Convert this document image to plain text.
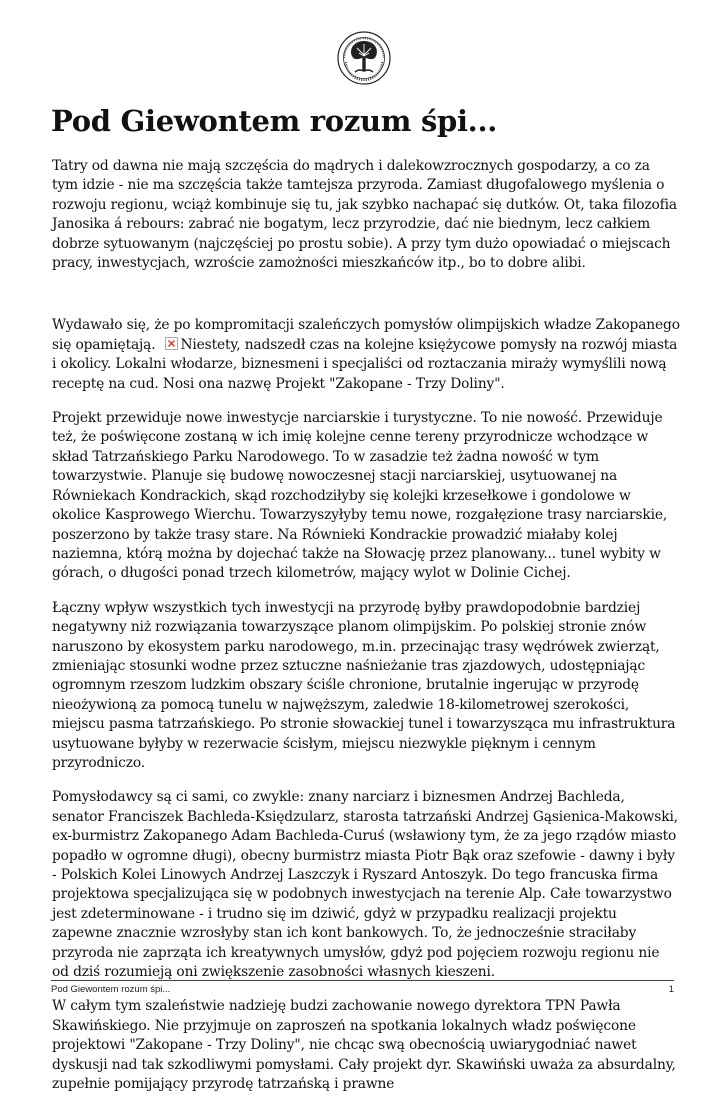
Pod Giewontem rozum śpi...

Tatry od dawna nie mają szczęścia do mądrych i dalekowzrocznych gospodarzy, a co za tym idzie - nie ma szczęścia także tamtejsza przyroda. Zamiast długofalowego myślenia o rozwoju regionu, wciąż kombinuje się tu, jak szybko nachapać się dutków. Ot, taka filozofia Janosika á rebours: zabrać nie bogatym, lecz przyrodzie, dać nie biednym, lecz całkiem dobrze sytuowanym (najczęściej po prostu sobie). A przy tym dużo opowiadać o miejscach pracy, inwestycjach, wzroście zamożności mieszkańców itp., bo to dobre alibi.

Wydawało się, że po kompromitacji szaleńczych pomysłów olimpijskich władze Zakopanego się opamiętają. Niestety, nadszedł czas na kolejne księżycowe pomysły na rozwój miasta i okolicy. Lokalni włodarze, biznesmeni i specjaliści od roztaczania miraży wymyślili nową receptę na cud. Nosi ona nazwę Projekt "Zakopane - Trzy Doliny".

Projekt przewiduje nowe inwestycje narciarskie i turystyczne. To nie nowość. Przewiduje też, że poświęcone zostaną w ich imię kolejne cenne tereny przyrodnicze wchodzące w skład Tatrzańskiego Parku Narodowego. To w zasadzie też żadna nowość w tym towarzystwie. Planuje się budowę nowoczesnej stacji narciarskiej, usytuowanej na Równiekach Kondrackich, skąd rozchodziłyby się kolejki krzesełkowe i gondolowe w okolice Kasprowego Wierchu. Towarzyszyłyby temu nowe, rozgałęzione trasy narciarskie, poszerzono by także trasy stare. Na Równieki Kondrackie prowadzić miałaby kolej naziemna, którą można by dojechać także na Słowację przez planowany... tunel wybity w górach, o długości ponad trzech kilometrów, mający wylot w Dolinie Cichej.

Łączny wpływ wszystkich tych inwestycji na przyrodę byłby prawdopodobnie bardziej negatywny niż rozwiązania towarzyszące planom olimpijskim. Po polskiej stronie znów naruszono by ekosystem parku narodowego, m.in. przecinając trasy wędrówek zwierząt, zmieniając stosunki wodne przez sztuczne naśnieżanie tras zjazdowych, udostępniając ogromnym rzeszom ludzkim obszary ściśle chronione, brutalnie ingerując w przyrodę nieożywioną za pomocą tunelu w najwęższym, zaledwie 18-kilometrowej szerokości, miejscu pasma tatrzańskiego. Po stronie słowackiej tunel i towarzysząca mu infrastruktura usytuowane byłyby w rezerwacie ścisłym, miejscu niezwykle pięknym i cennym przyrodniczo.

Pomysłodawcy są ci sami, co zwykle: znany narciarz i biznesmen Andrzej Bachleda, senator Franciszek Bachleda-Księdzularz, starosta tatrzański Andrzej Gąsienica-Makowski, ex-burmistrz Zakopanego Adam Bachleda-Curuś (wsławiony tym, że za jego rządów miasto popadło w ogromne długi), obecny burmistrz miasta Piotr Bąk oraz szefowie - dawny i były - Polskich Kolei Linowych Andrzej Laszczyk i Ryszard Antoszyk. Do tego francuska firma projektowa specjalizująca się w podobnych inwestycjach na terenie Alp. Całe towarzystwo jest zdeterminowane - i trudno się im dziwić, gdyż w przypadku realizacji projektu zapewne znacznie wzrosłyby stan ich kont bankowych. To, że jednocześnie straciłaby przyroda nie zaprząta ich kreatywnych umysłów, gdyż pod pojęciem rozwoju regionu nie od dziś rozumieją oni zwiększenie zasobności własnych kieszeni.

W całym tym szaleństwie nadzieję budzi zachowanie nowego dyrektora TPN Pawła Skawińskiego. Nie przyjmuje on zaproszeń na spotkania lokalnych władz poświęcone projektowi "Zakopane - Trzy Doliny", nie chcąc swą obecnością uwiarygodniać nawet dyskusji nad tak szkodliwymi pomysłami. Cały projekt dyr. Skawiński uważa za absurdalny, zupełnie pomijający przyrodę tatrzańską i prawne

Pod Giewontem rozum śpi...	1
